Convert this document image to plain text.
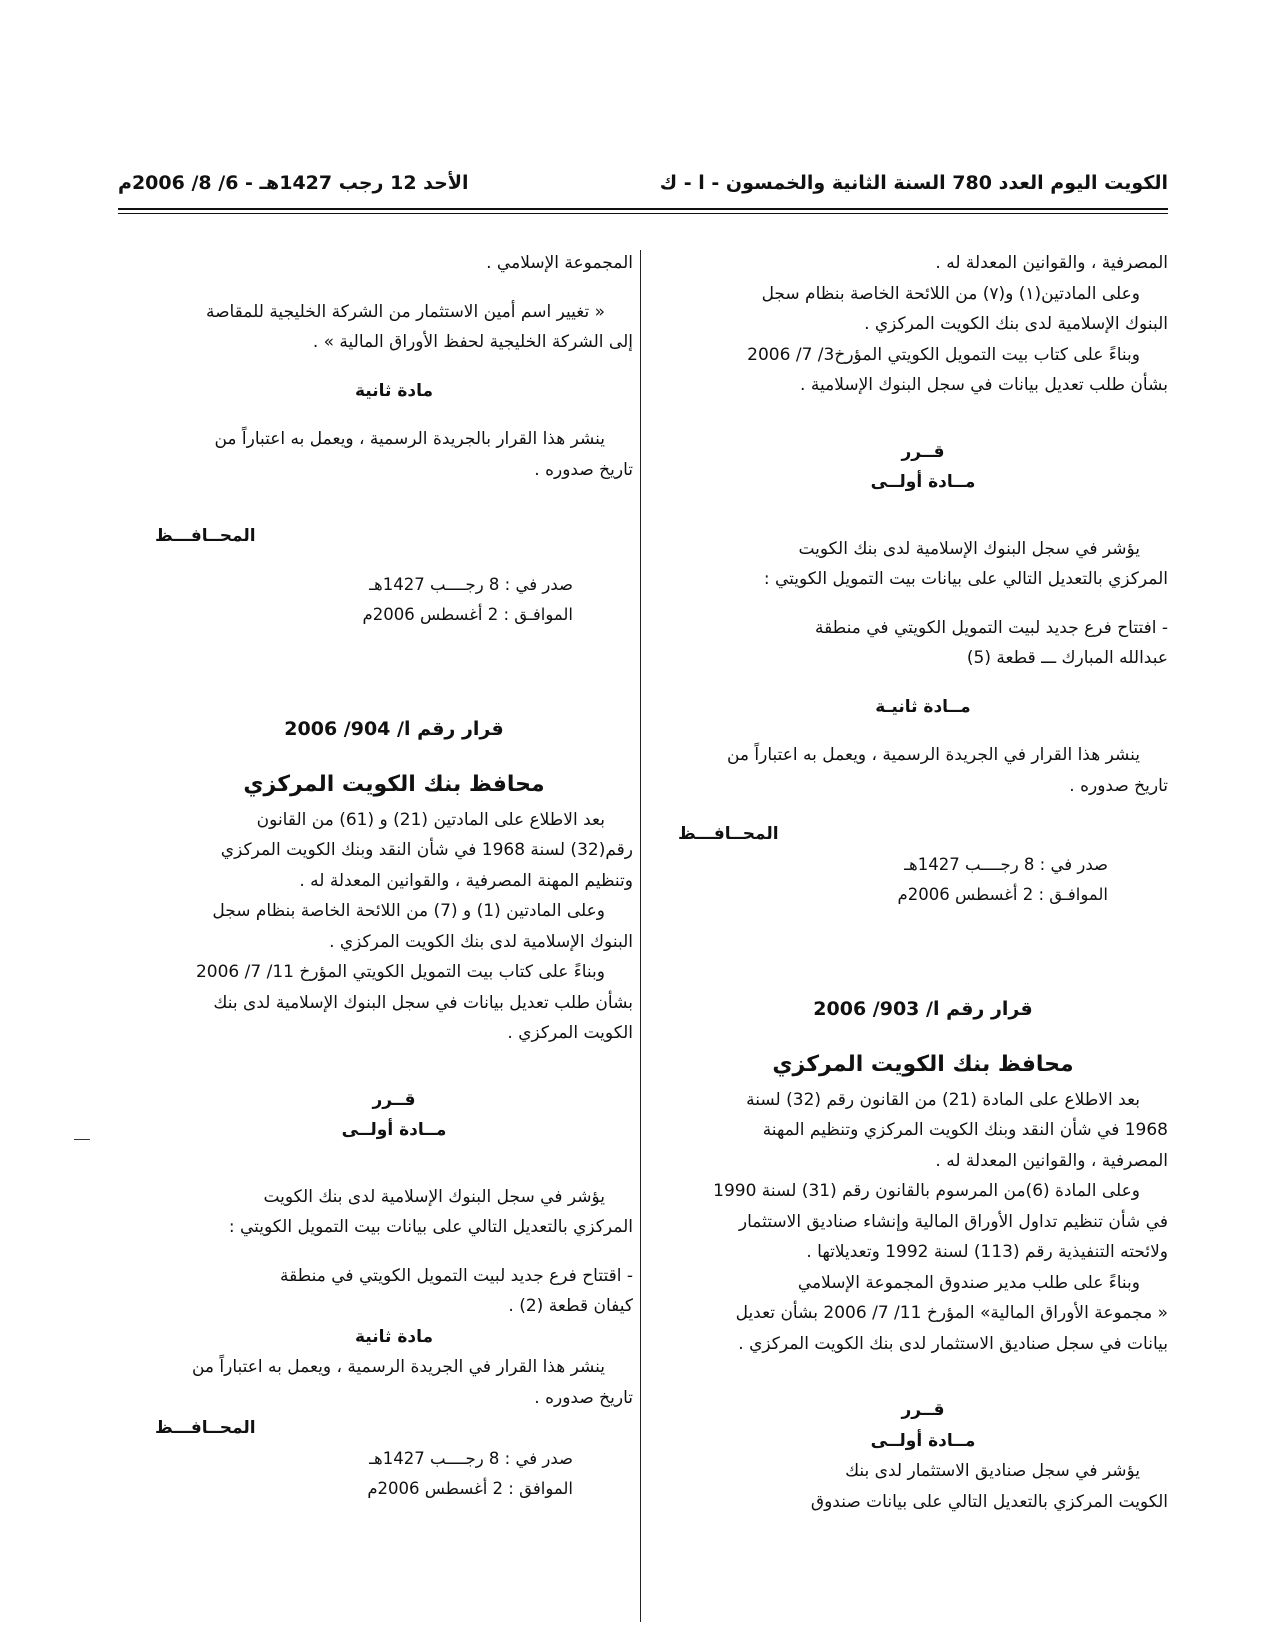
الكويت اليوم العدد 780 السنة الثانية والخمسون - ا - ك
الأحد 12 رجب 1427هـ - 6/ 8/ 2006م
المصرفية ، والقوانين المعدلة له .
وعلى المادتين(١) و(٧) من اللائحة الخاصة بنظام سجل
البنوك الإسلامية لدى بنك الكويت المركزي .
وبناءً على كتاب بيت التمويل الكويتي المؤرخ3/ 7/ 2006
بشأن طلب تعديل بيانات في سجل البنوك الإسلامية .
قــرر
مــادة أولــى
يؤشر في سجل البنوك الإسلامية لدى بنك الكويت
المركزي بالتعديل التالي على بيانات بيت التمويل الكويتي :
- افتتاح فرع جديد لبيت التمويل الكويتي في منطقة
عبدالله المبارك ـــ قطعة (5)
مــادة ثانيـة
ينشر هذا القرار في الجريدة الرسمية ، ويعمل به اعتباراً من
تاريخ صدوره .
المحــافـــظ
صدر في : 8 رجــــب 1427هـ
الموافـق : 2 أغسطس 2006م
قرار رقم ا/ 903/ 2006
محافظ بنك الكويت المركزي
بعد الاطلاع على المادة (21) من القانون رقم (32) لسنة
1968 في شأن النقد وبنك الكويت المركزي وتنظيم المهنة
المصرفية ، والقوانين المعدلة له .
وعلى المادة (6)من المرسوم بالقانون رقم (31) لسنة 1990
في شأن تنظيم تداول الأوراق المالية وإنشاء صناديق الاستثمار
ولائحته التنفيذية رقم (113) لسنة 1992 وتعديلاتها .
وبناءً على طلب مدير صندوق المجموعة الإسلامي
« مجموعة الأوراق المالية» المؤرخ 11/ 7/ 2006 بشأن تعديل
بيانات في سجل صناديق الاستثمار لدى بنك الكويت المركزي .
قــرر
مــادة أولــى
يؤشر في سجل صناديق الاستثمار لدى بنك
الكويت المركزي بالتعديل التالي على بيانات صندوق
المجموعة الإسلامي .
« تغيير اسم أمين الاستثمار من الشركة الخليجية للمقاصة
إلى الشركة الخليجية لحفظ الأوراق المالية » .
مادة ثانية
ينشر هذا القرار بالجريدة الرسمية ، ويعمل به اعتباراً من
تاريخ صدوره .
المحــافـــظ
صدر في : 8 رجــــب 1427هـ
الموافـق : 2 أغسطس 2006م
قرار رقم ا/ 904/ 2006
محافظ بنك الكويت المركزي
بعد الاطلاع على المادتين (21) و (61) من القانون
رقم(32) لسنة 1968 في شأن النقد وبنك الكويت المركزي
وتنظيم المهنة المصرفية ، والقوانين المعدلة له .
وعلى المادتين (1) و (7) من اللائحة الخاصة بنظام سجل
البنوك الإسلامية لدى بنك الكويت المركزي .
وبناءً على كتاب بيت التمويل الكويتي المؤرخ 11/ 7/ 2006
بشأن طلب تعديل بيانات في سجل البنوك الإسلامية لدى بنك
الكويت المركزي .
قــرر
مــادة أولــى
يؤشر في سجل البنوك الإسلامية لدى بنك الكويت
المركزي بالتعديل التالي على بيانات بيت التمويل الكويتي :
- اقتتاح فرع جديد لبيت التمويل الكويتي في منطقة
كيفان قطعة (2) .
مادة ثانية
ينشر هذا القرار في الجريدة الرسمية ، ويعمل به اعتباراً من
تاريخ صدوره .
المحــافـــظ
صدر في : 8 رجــــب 1427هـ
الموافق : 2 أغسطس 2006م
